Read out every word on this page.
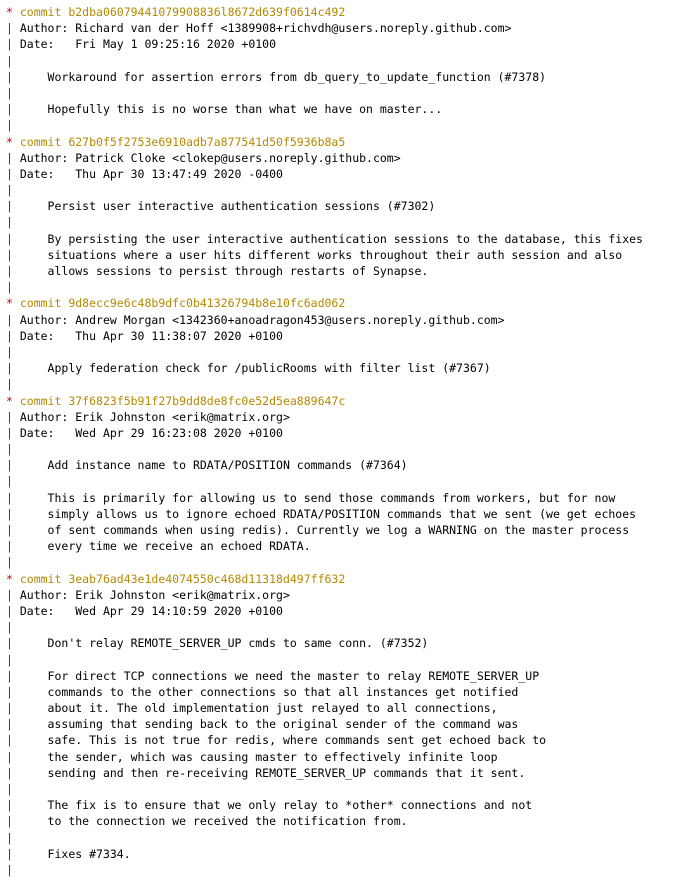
* commit b2dba06079441079908836l8672d639f0614c492
| Author: Richard van der Hoff <1389908+richvdh@users.noreply.github.com>
| Date:   Fri May 1 09:25:16 2020 +0100
|
|     Workaround for assertion errors from db_query_to_update_function (#7378)
|
|     Hopefully this is no worse than what we have on master...
|
* commit 627b0f5f2753e6910adb7a877541d50f5936b8a5
| Author: Patrick Cloke <clokep@users.noreply.github.com>
| Date:   Thu Apr 30 13:47:49 2020 -0400
|
|     Persist user interactive authentication sessions (#7302)
|
|     By persisting the user interactive authentication sessions to the database, this fixes
|     situations where a user hits different works throughout their auth session and also
|     allows sessions to persist through restarts of Synapse.
|
* commit 9d8ecc9e6c48b9dfc0b41326794b8e10fc6ad062
| Author: Andrew Morgan <1342360+anoadragon453@users.noreply.github.com>
| Date:   Thu Apr 30 11:38:07 2020 +0100
|
|     Apply federation check for /publicRooms with filter list (#7367)
|
* commit 37f6823f5b91f27b9dd8de8fc0e52d5ea889647c
| Author: Erik Johnston <erik@matrix.org>
| Date:   Wed Apr 29 16:23:08 2020 +0100
|
|     Add instance name to RDATA/POSITION commands (#7364)
|
|     This is primarily for allowing us to send those commands from workers, but for now
|     simply allows us to ignore echoed RDATA/POSITION commands that we sent (we get echoes
|     of sent commands when using redis). Currently we log a WARNING on the master process
|     every time we receive an echoed RDATA.
|
* commit 3eab76ad43e1de4074550c468d11318d497ff632
| Author: Erik Johnston <erik@matrix.org>
| Date:   Wed Apr 29 14:10:59 2020 +0100
|
|     Don't relay REMOTE_SERVER_UP cmds to same conn. (#7352)
|
|     For direct TCP connections we need the master to relay REMOTE_SERVER_UP
|     commands to the other connections so that all instances get notified
|     about it. The old implementation just relayed to all connections,
|     assuming that sending back to the original sender of the command was
|     safe. This is not true for redis, where commands sent get echoed back to
|     the sender, which was causing master to effectively infinite loop
|     sending and then re-receiving REMOTE_SERVER_UP commands that it sent.
|
|     The fix is to ensure that we only relay to *other* connections and not
|     to the connection we received the notification from.
|
|     Fixes #7334.
|
